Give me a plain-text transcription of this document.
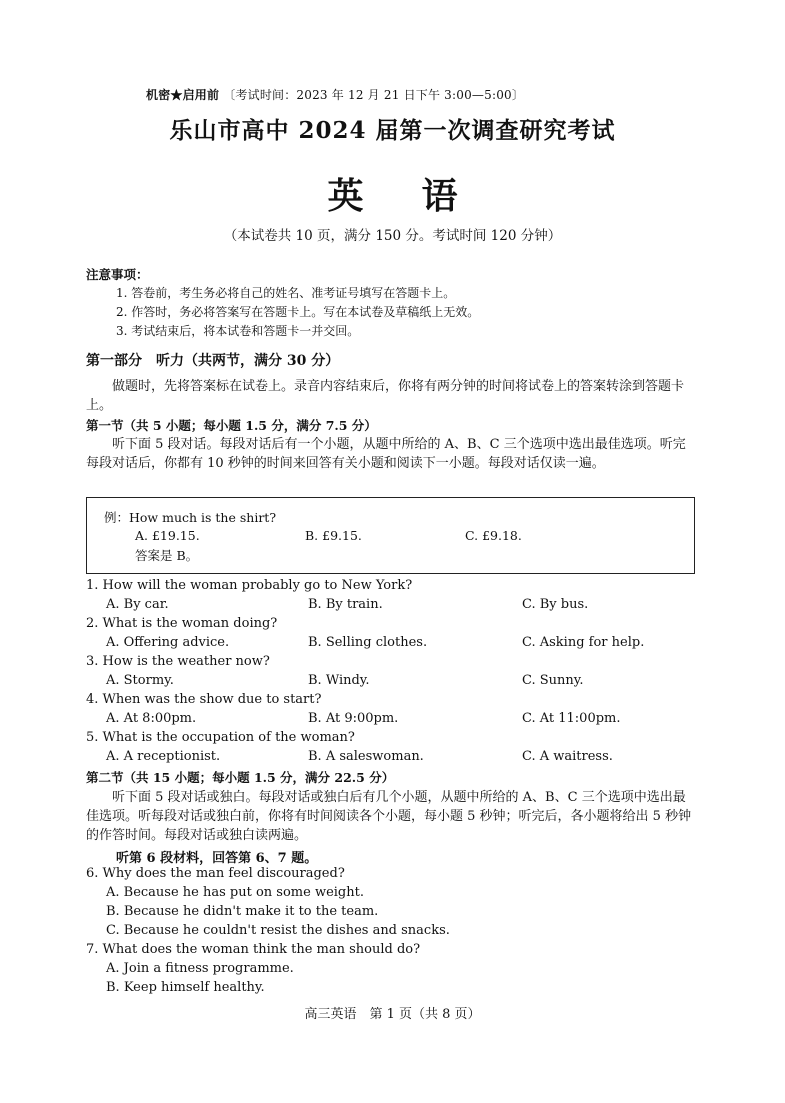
机密★启用前 〔考试时间：2023 年 12 月 21 日下午 3:00—5:00〕
乐山市高中 2024 届第一次调查研究考试
英语
（本试卷共 10 页，满分 150 分。考试时间 120 分钟）
注意事项：
1. 答卷前，考生务必将自己的姓名、准考证号填写在答题卡上。
2. 作答时，务必将答案写在答题卡上。写在本试卷及草稿纸上无效。
3. 考试结束后，将本试卷和答题卡一并交回。
第一部分　听力（共两节，满分 30 分）
做题时，先将答案标在试卷上。录音内容结束后，你将有两分钟的时间将试卷上的答案转涂到答题卡上。
第一节（共 5 小题；每小题 1.5 分，满分 7.5 分）
听下面 5 段对话。每段对话后有一个小题，从题中所给的 A、B、C 三个选项中选出最佳选项。听完每段对话后，你都有 10 秒钟的时间来回答有关小题和阅读下一小题。每段对话仅读一遍。
例：How much is the shirt?
A. £19.15.	B. £9.15.	C. £9.18.
答案是 B。
1. How will the woman probably go to New York?
A. By car.	B. By train.	C. By bus.
2. What is the woman doing?
A. Offering advice.	B. Selling clothes.	C. Asking for help.
3. How is the weather now?
A. Stormy.	B. Windy.	C. Sunny.
4. When was the show due to start?
A. At 8:00pm.	B. At 9:00pm.	C. At 11:00pm.
5. What is the occupation of the woman?
A. A receptionist.	B. A saleswoman.	C. A waitress.
第二节（共 15 小题；每小题 1.5 分，满分 22.5 分）
听下面 5 段对话或独白。每段对话或独白后有几个小题，从题中所给的 A、B、C 三个选项中选出最佳选项。听每段对话或独白前，你将有时间阅读各个小题，每小题 5 秒钟；听完后，各小题将给出 5 秒钟的作答时间。每段对话或独白读两遍。
听第 6 段材料，回答第 6、7 题。
6. Why does the man feel discouraged?
A. Because he has put on some weight.
B. Because he didn't make it to the team.
C. Because he couldn't resist the dishes and snacks.
7. What does the woman think the man should do?
A. Join a fitness programme.
B. Keep himself healthy.
高三英语　第 1 页（共 8 页）
